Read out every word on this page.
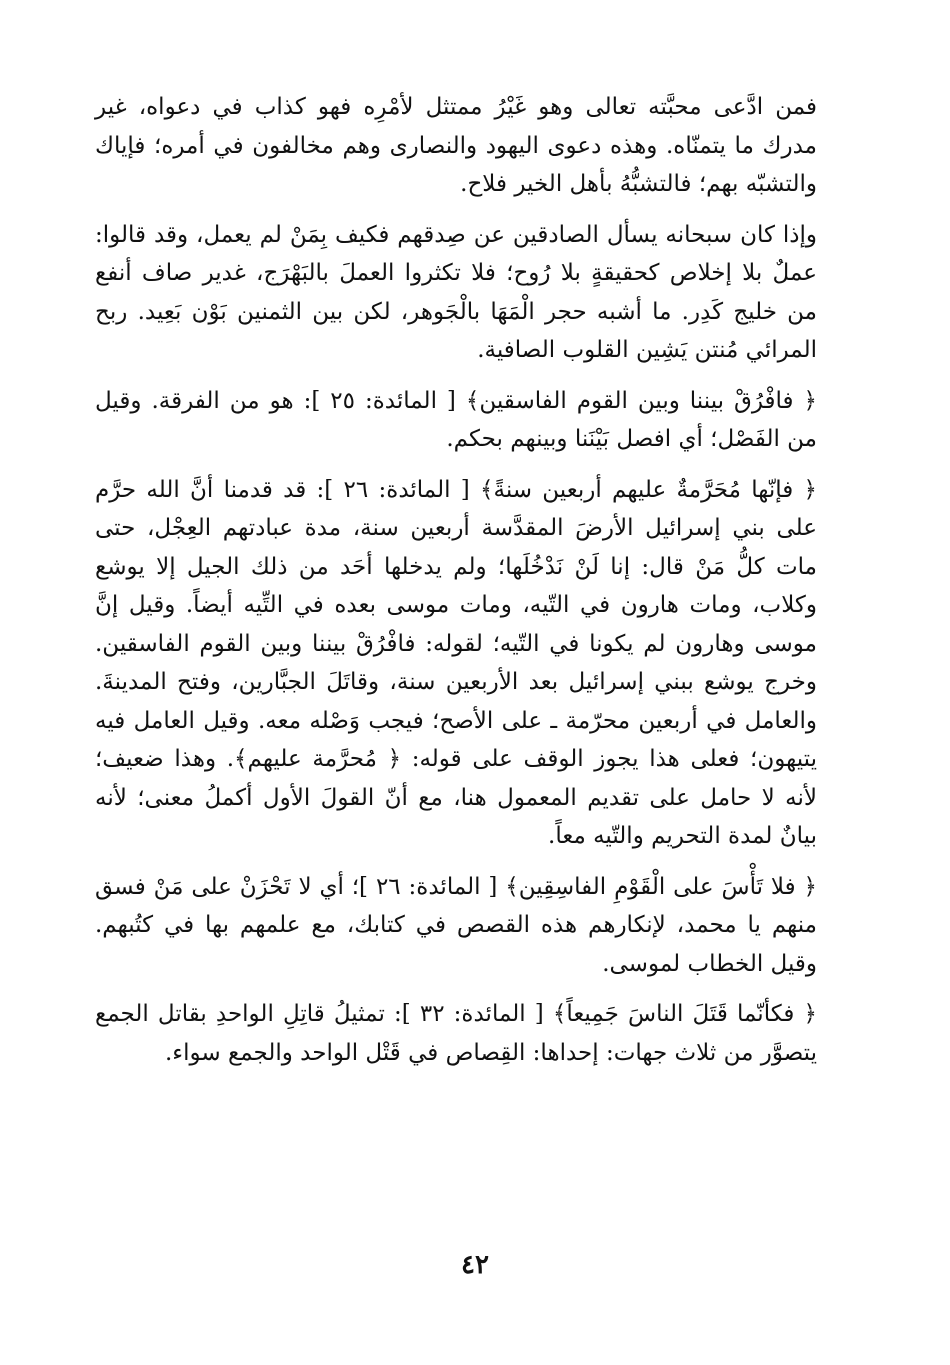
فمن ادَّعى محبَّته تعالى وهو غَيْرُ ممتثل لأمْرِه فهو كذاب في دعواه، غير مدرك ما يتمنّاه. وهذه دعوى اليهود والنصارى وهم مخالفون في أمره؛ فإياك والتشبّه بهم؛ فالتشبُّهُ بأهل الخير فلاح.

وإذا كان سبحانه يسأل الصادقين عن صِدقهم فكيف بِمَنْ لم يعمل، وقد قالوا: عملٌ بلا إخلاص كحقيقةٍ بلا رُوح؛ فلا تكثروا العملَ بالبَهْرَج، غدير صاف أنفع من خليج كَدِر. ما أشبه حجر الْمَهَا بالْجَوهر، لكن بين الثمنين بَوْن بَعِيد. ربح المرائي مُنتن يَشِين القلوب الصافية.

﴿ فافْرُقْ بيننا وبين القوم الفاسقين﴾ [ المائدة: ٢٥ ]: هو من الفرقة. وقيل من الفَصْل؛ أي افصل بَيْنَنا وبينهم بحكم.

﴿ فإنّها مُحَرَّمةٌ عليهم أربعين سنةً﴾ [ المائدة: ٢٦ ]: قد قدمنا أنَّ الله حرَّم على بني إسرائيل الأرضَ المقدَّسة أربعين سنة، مدة عبادتهم العِجْل، حتى مات كلُّ مَنْ قال: إنا لَنْ نَدْخُلَها؛ ولم يدخلها أحَد من ذلك الجيل إلا يوشع وكلاب، ومات هارون في التّيه، ومات موسى بعده في التِّيه أيضاً. وقيل إنَّ موسى وهارون لم يكونا في التّيه؛ لقوله: فافْرُقْ بيننا وبين القوم الفاسقين. وخرج يوشع ببني إسرائيل بعد الأربعين سنة، وقاتَلَ الجبَّارين، وفتح المدينةَ. والعامل في أربعين محرّمة ـ على الأصح؛ فيجب وَصْله معه. وقيل العامل فيه يتيهون؛ فعلى هذا يجوز الوقف على قوله: ﴿ مُحرَّمة عليهم﴾. وهذا ضعيف؛ لأنه لا حامل على تقديم المعمول هنا، مع أنّ القولَ الأول أكملُ معنى؛ لأنه بيانٌ لمدة التحريم والتّيه معاً.

﴿ فلا تَأْسَ على الْقَوْمِ الفاسِقِين﴾ [ المائدة: ٢٦ ]؛ أي لا تَحْزَنْ على مَنْ فسق منهم يا محمد، لإنكارهم هذه القصص في كتابك، مع علمهم بها في كتُبهم. وقيل الخطاب لموسى.

﴿ فكأنّما قَتَلَ الناسَ جَمِيعاً﴾ [ المائدة: ٣٢ ]: تمثيلُ قاتِلِ الواحدِ بقاتل الجمع يتصوَّر من ثلاث جهات: إحداها: القِصاص في قَتْل الواحد والجمع سواء.

٤٢
